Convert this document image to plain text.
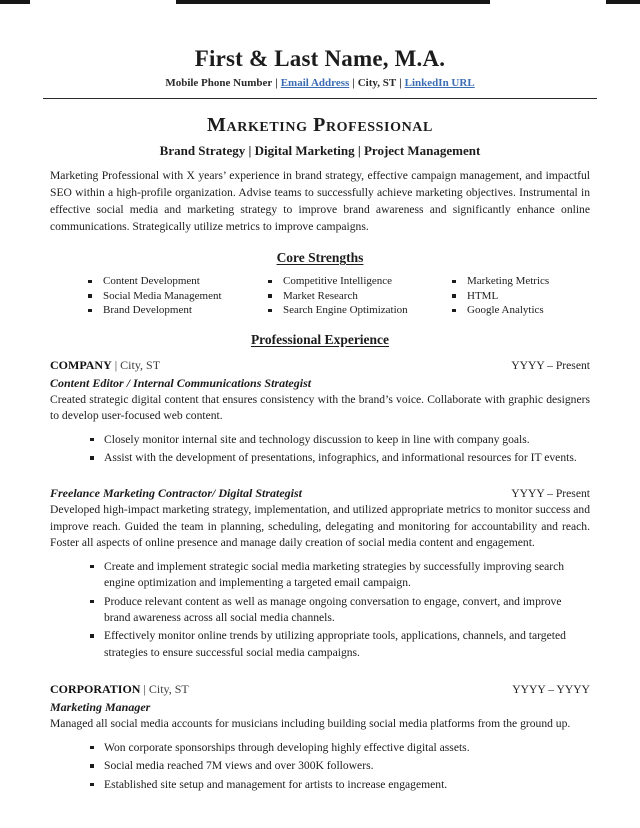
First & Last Name, M.A.
Mobile Phone Number | Email Address | City, ST | LinkedIn URL
Marketing Professional
Brand Strategy | Digital Marketing | Project Management
Marketing Professional with X years’ experience in brand strategy, effective campaign management, and impactful SEO within a high-profile organization. Advise teams to successfully achieve marketing objectives. Instrumental in effective social media and marketing strategy to improve brand awareness and significantly enhance online communications. Strategically utilize metrics to improve campaigns.
Core Strengths
Content Development
Social Media Management
Brand Development
Competitive Intelligence
Market Research
Search Engine Optimization
Marketing Metrics
HTML
Google Analytics
Professional Experience
COMPANY | City, ST	YYYY – Present
Content Editor / Internal Communications Strategist
Created strategic digital content that ensures consistency with the brand’s voice. Collaborate with graphic designers to develop user-focused web content.
Closely monitor internal site and technology discussion to keep in line with company goals.
Assist with the development of presentations, infographics, and informational resources for IT events.
Freelance Marketing Contractor/ Digital Strategist	YYYY – Present
Developed high-impact marketing strategy, implementation, and utilized appropriate metrics to monitor success and improve reach. Guided the team in planning, scheduling, delegating and monitoring for accountability and reach. Foster all aspects of online presence and manage daily creation of social media content and engagement.
Create and implement strategic social media marketing strategies by successfully improving search engine optimization and implementing a targeted email campaign.
Produce relevant content as well as manage ongoing conversation to engage, convert, and improve brand awareness across all social media channels.
Effectively monitor online trends by utilizing appropriate tools, applications, channels, and targeted strategies to ensure successful social media campaigns.
CORPORATION | City, ST	YYYY – YYYY
Marketing Manager
Managed all social media accounts for musicians including building social media platforms from the ground up.
Won corporate sponsorships through developing highly effective digital assets.
Social media reached 7M views and over 300K followers.
Established site setup and management for artists to increase engagement.
